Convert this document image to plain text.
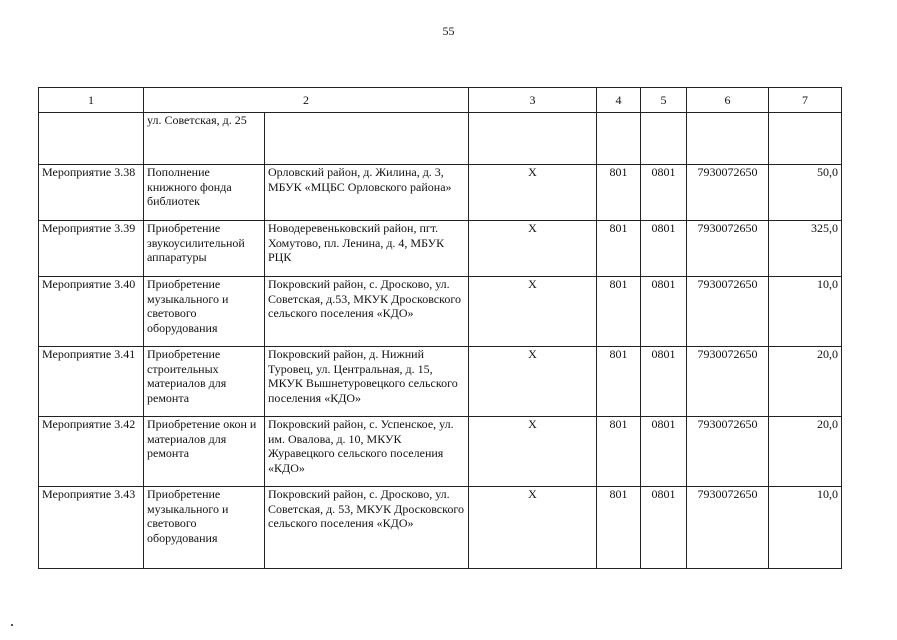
55
1	2		3	4	5	6	7
	ул. Советская, д. 25						
Мероприятие 3.38	Пополнение книжного фонда библиотек	Орловский район, д. Жилина, д. 3, МБУК «МЦБС Орловского района»	Х	801	0801	7930072650	50,0
Мероприятие 3.39	Приобретение звукоусилительной аппаратуры	Новодеревеньковский район, пгт. Хомутово, пл. Ленина, д. 4, МБУК РЦК	Х	801	0801	7930072650	325,0
Мероприятие 3.40	Приобретение музыкального и светового оборудования	Покровский район, с. Дросково, ул. Советская, д.53, МКУК Дросковского сельского поселения «КДО»	Х	801	0801	7930072650	10,0
Мероприятие 3.41	Приобретение строительных материалов для ремонта	Покровский район, д. Нижний Туровец, ул. Центральная, д. 15, МКУК Вышнетуровецкого сельского поселения «КДО»	Х	801	0801	7930072650	20,0
Мероприятие 3.42	Приобретение окон и материалов для ремонта	Покровский район, с. Успенское, ул. им. Овалова, д. 10, МКУК Журавецкого сельского поселения «КДО»	Х	801	0801	7930072650	20,0
Мероприятие 3.43	Приобретение музыкального и светового оборудования	Покровский район, с. Дросково, ул. Советская, д. 53, МКУК Дросковского сельского поселения «КДО»	Х	801	0801	7930072650	10,0
